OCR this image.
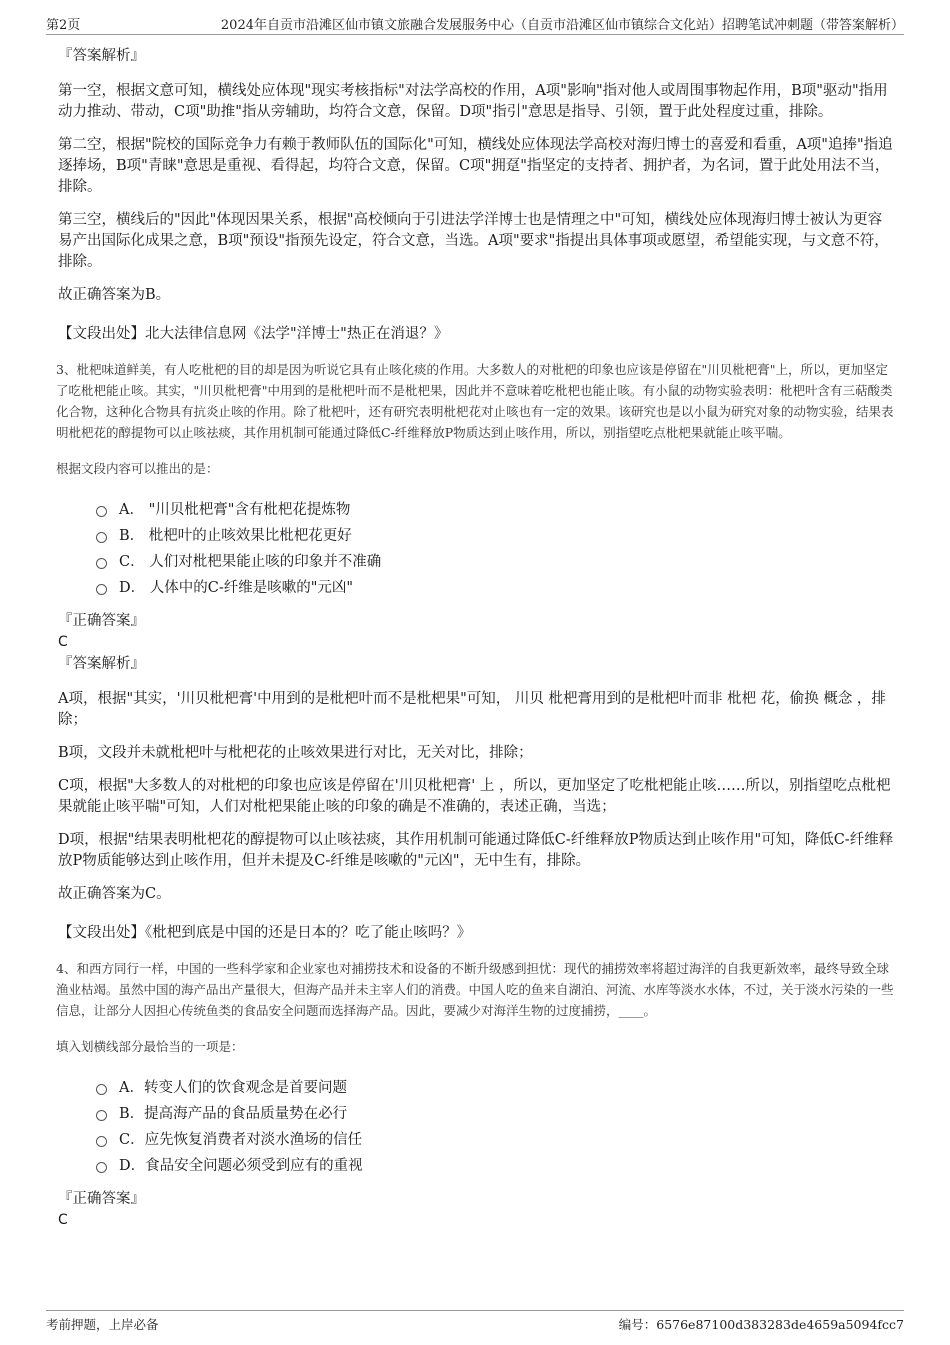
第2页	2024年自贡市沿滩区仙市镇文旅融合发展服务中心（自贡市沿滩区仙市镇综合文化站）招聘笔试冲刺题（带答案解析）
『答案解析』
第一空，根据文意可知，横线处应体现"现实考核指标"对法学高校的作用，A项"影响"指对他人或周围事物起作用，B项"驱动"指用动力推动、带动，C项"助推"指从旁辅助，均符合文意，保留。D项"指引"意思是指导、引领，置于此处程度过重，排除。
第二空，根据"院校的国际竞争力有赖于教师队伍的国际化"可知，横线处应体现法学高校对海归博士的喜爱和看重，A项"追捧"指追逐捧场，B项"青睐"意思是重视、看得起，均符合文意，保留。C项"拥趸"指坚定的支持者、拥护者，为名词，置于此处用法不当，排除。
第三空，横线后的"因此"体现因果关系，根据"高校倾向于引进法学洋博士也是情理之中"可知，横线处应体现海归博士被认为更容易产出国际化成果之意，B项"预设"指预先设定，符合文意，当选。A项"要求"指提出具体事项或愿望，希望能实现，与文意不符，排除。
故正确答案为B。
【文段出处】北大法律信息网《法学"洋博士"热正在消退？》
3、枇杷味道鲜美，有人吃枇杷的目的却是因为听说它具有止咳化痰的作用。大多数人的对枇杷的印象也应该是停留在"川贝枇杷膏"上，所以，更加坚定了吃枇杷能止咳。其实，"川贝枇杷膏"中用到的是枇杷叶而不是枇杷果，因此并不意味着吃枇杷也能止咳。有小鼠的动物实验表明：枇杷叶含有三萜酸类化合物，这种化合物具有抗炎止咳的作用。除了枇杷叶，还有研究表明枇杷花对止咳也有一定的效果。该研究也是以小鼠为研究对象的动物实验，结果表明枇杷花的醇提物可以止咳祛痰，其作用机制可能通过降低C-纤维释放P物质达到止咳作用，所以，别指望吃点枇杷果就能止咳平喘。
根据文段内容可以推出的是：
A． "川贝枇杷膏"含有枇杷花提炼物
B． 枇杷叶的止咳效果比枇杷花更好
C． 人们对枇杷果能止咳的印象并不准确
D． 人体中的C-纤维是咳嗽的"元凶"
『正确答案』
C
『答案解析』
A项，根据"其实，'川贝枇杷膏'中用到的是枇杷叶而不是枇杷果"可知， 川贝 枇杷膏用到的是枇杷叶而非 枇杷 花，偷换 概念 ，排除；
B项，文段并未就枇杷叶与枇杷花的止咳效果进行对比，无关对比，排除；
C项，根据"大多数人的对枇杷的印象也应该是停留在'川贝枇杷膏' 上 ，所以，更加坚定了吃枇杷能止咳……所以，别指望吃点枇杷果就能止咳平喘"可知，人们对枇杷果能止咳的印象的确是不准确的，表述正确，当选；
D项，根据"结果表明枇杷花的醇提物可以止咳祛痰，其作用机制可能通过降低C-纤维释放P物质达到止咳作用"可知，降低C-纤维释放P物质能够达到止咳作用，但并未提及C-纤维是咳嗽的"元凶"，无中生有，排除。
故正确答案为C。
【文段出处】《枇杷到底是中国的还是日本的？吃了能止咳吗？》
4、和西方同行一样，中国的一些科学家和企业家也对捕捞技术和设备的不断升级感到担忧：现代的捕捞效率将超过海洋的自我更新效率，最终导致全球渔业枯竭。虽然中国的海产品出产量很大，但海产品并未主宰人们的消费。中国人吃的鱼来自湖泊、河流、水库等淡水水体，不过，关于淡水污染的一些信息，让部分人因担心传统鱼类的食品安全问题而选择海产品。因此，要减少对海洋生物的过度捕捞，____。
填入划横线部分最恰当的一项是：
A．转变人们的饮食观念是首要问题
B．提高海产品的食品质量势在必行
C．应先恢复消费者对淡水渔场的信任
D．食品安全问题必须受到应有的重视
『正确答案』
C
考前押题，上岸必备	编号：6576e87100d383283de4659a5094fcc7
